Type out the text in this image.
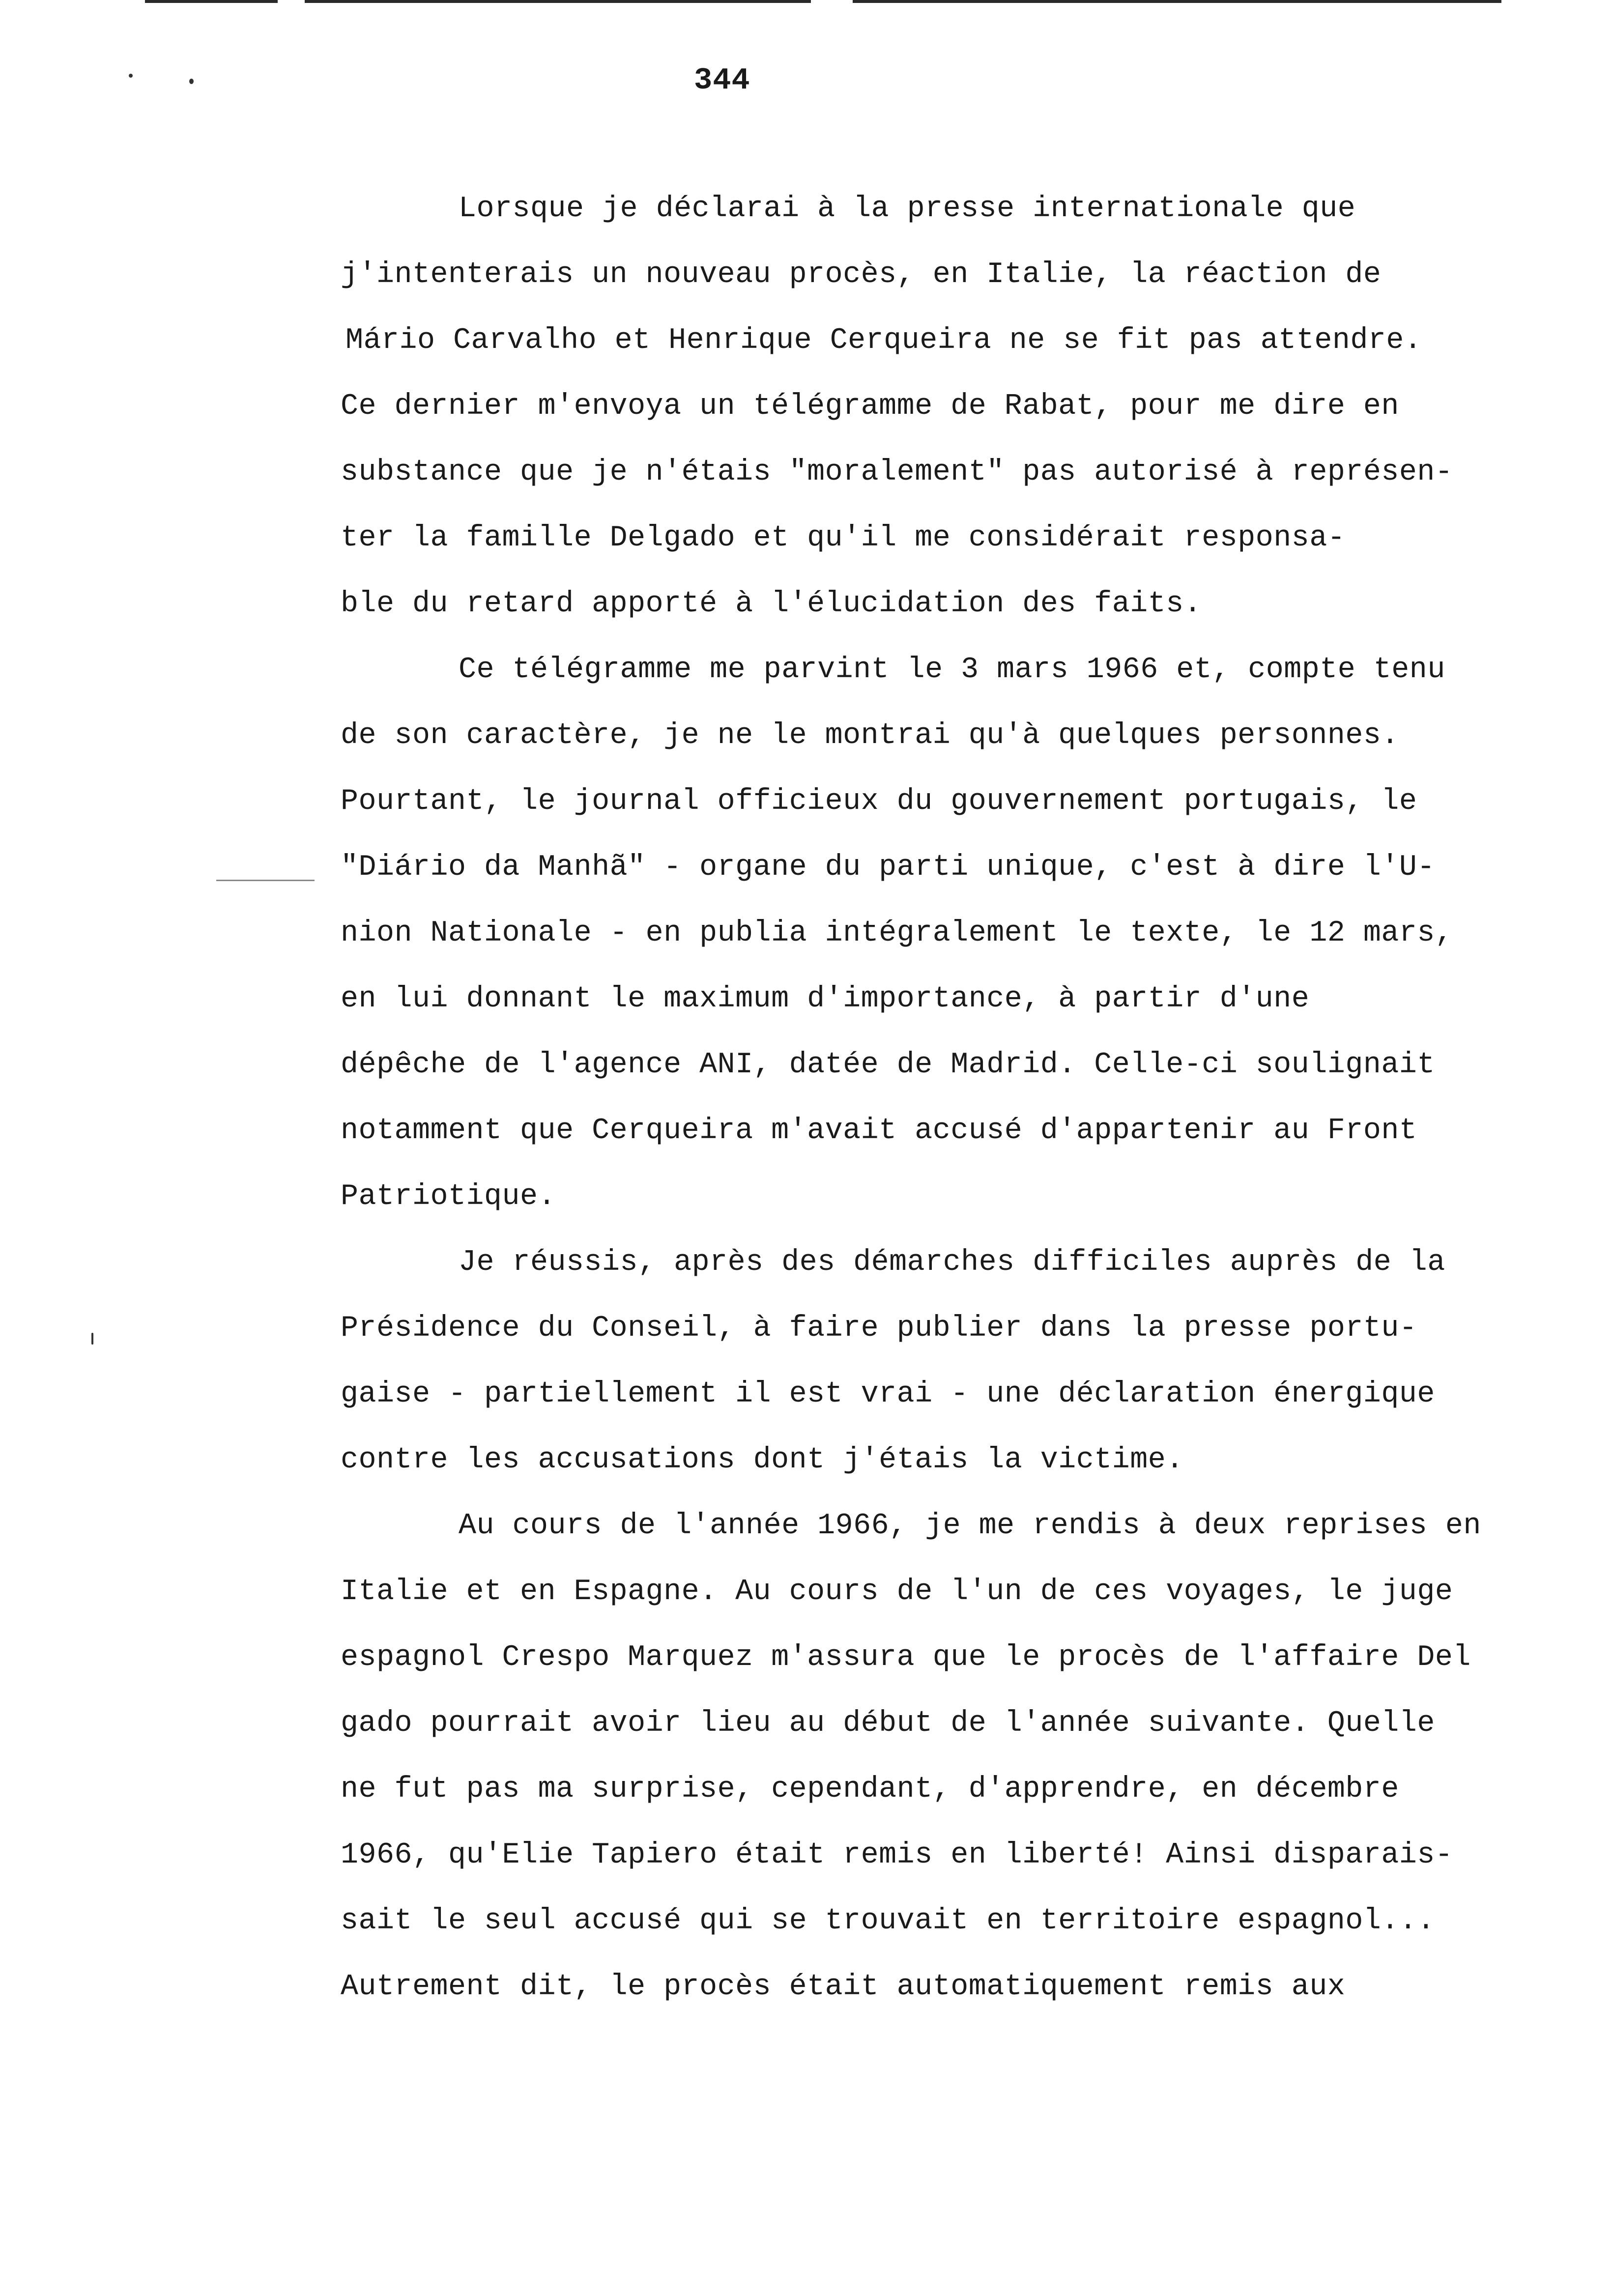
344
Lorsque je déclarai à la presse internationale que
j'intenterais un nouveau procès, en Italie, la réaction de
Mário Carvalho et Henrique Cerqueira ne se fit pas attendre.
Ce dernier m'envoya un télégramme de Rabat, pour me dire en
substance que je n'étais "moralement" pas autorisé à représen-
ter la famille Delgado et qu'il me considérait responsa-
ble du retard apporté à l'élucidation des faits.
Ce télégramme me parvint le 3 mars 1966 et, compte tenu
de son caractère, je ne le montrai qu'à quelques personnes.
Pourtant, le journal officieux du gouvernement portugais, le
"Diário da Manhã" - organe du parti unique, c'est à dire l'U-
nion Nationale - en publia intégralement le texte, le 12 mars,
en lui donnant le maximum d'importance, à partir d'une
dépêche de l'agence ANI, datée de Madrid. Celle-ci soulignait
notamment que Cerqueira m'avait accusé d'appartenir au Front
Patriotique.
Je réussis, après des démarches difficiles auprès de la
Présidence du Conseil, à faire publier dans la presse portu-
gaise - partiellement il est vrai - une déclaration énergique
contre les accusations dont j'étais la victime.
Au cours de l'année 1966, je me rendis à deux reprises en
Italie et en Espagne. Au cours de l'un de ces voyages, le juge
espagnol Crespo Marquez m'assura que le procès de l'affaire Del
gado pourrait avoir lieu au début de l'année suivante. Quelle
ne fut pas ma surprise, cependant, d'apprendre, en décembre
1966, qu'Elie Tapiero était remis en liberté! Ainsi disparais-
sait le seul accusé qui se trouvait en territoire espagnol...
Autrement dit, le procès était automatiquement remis aux
